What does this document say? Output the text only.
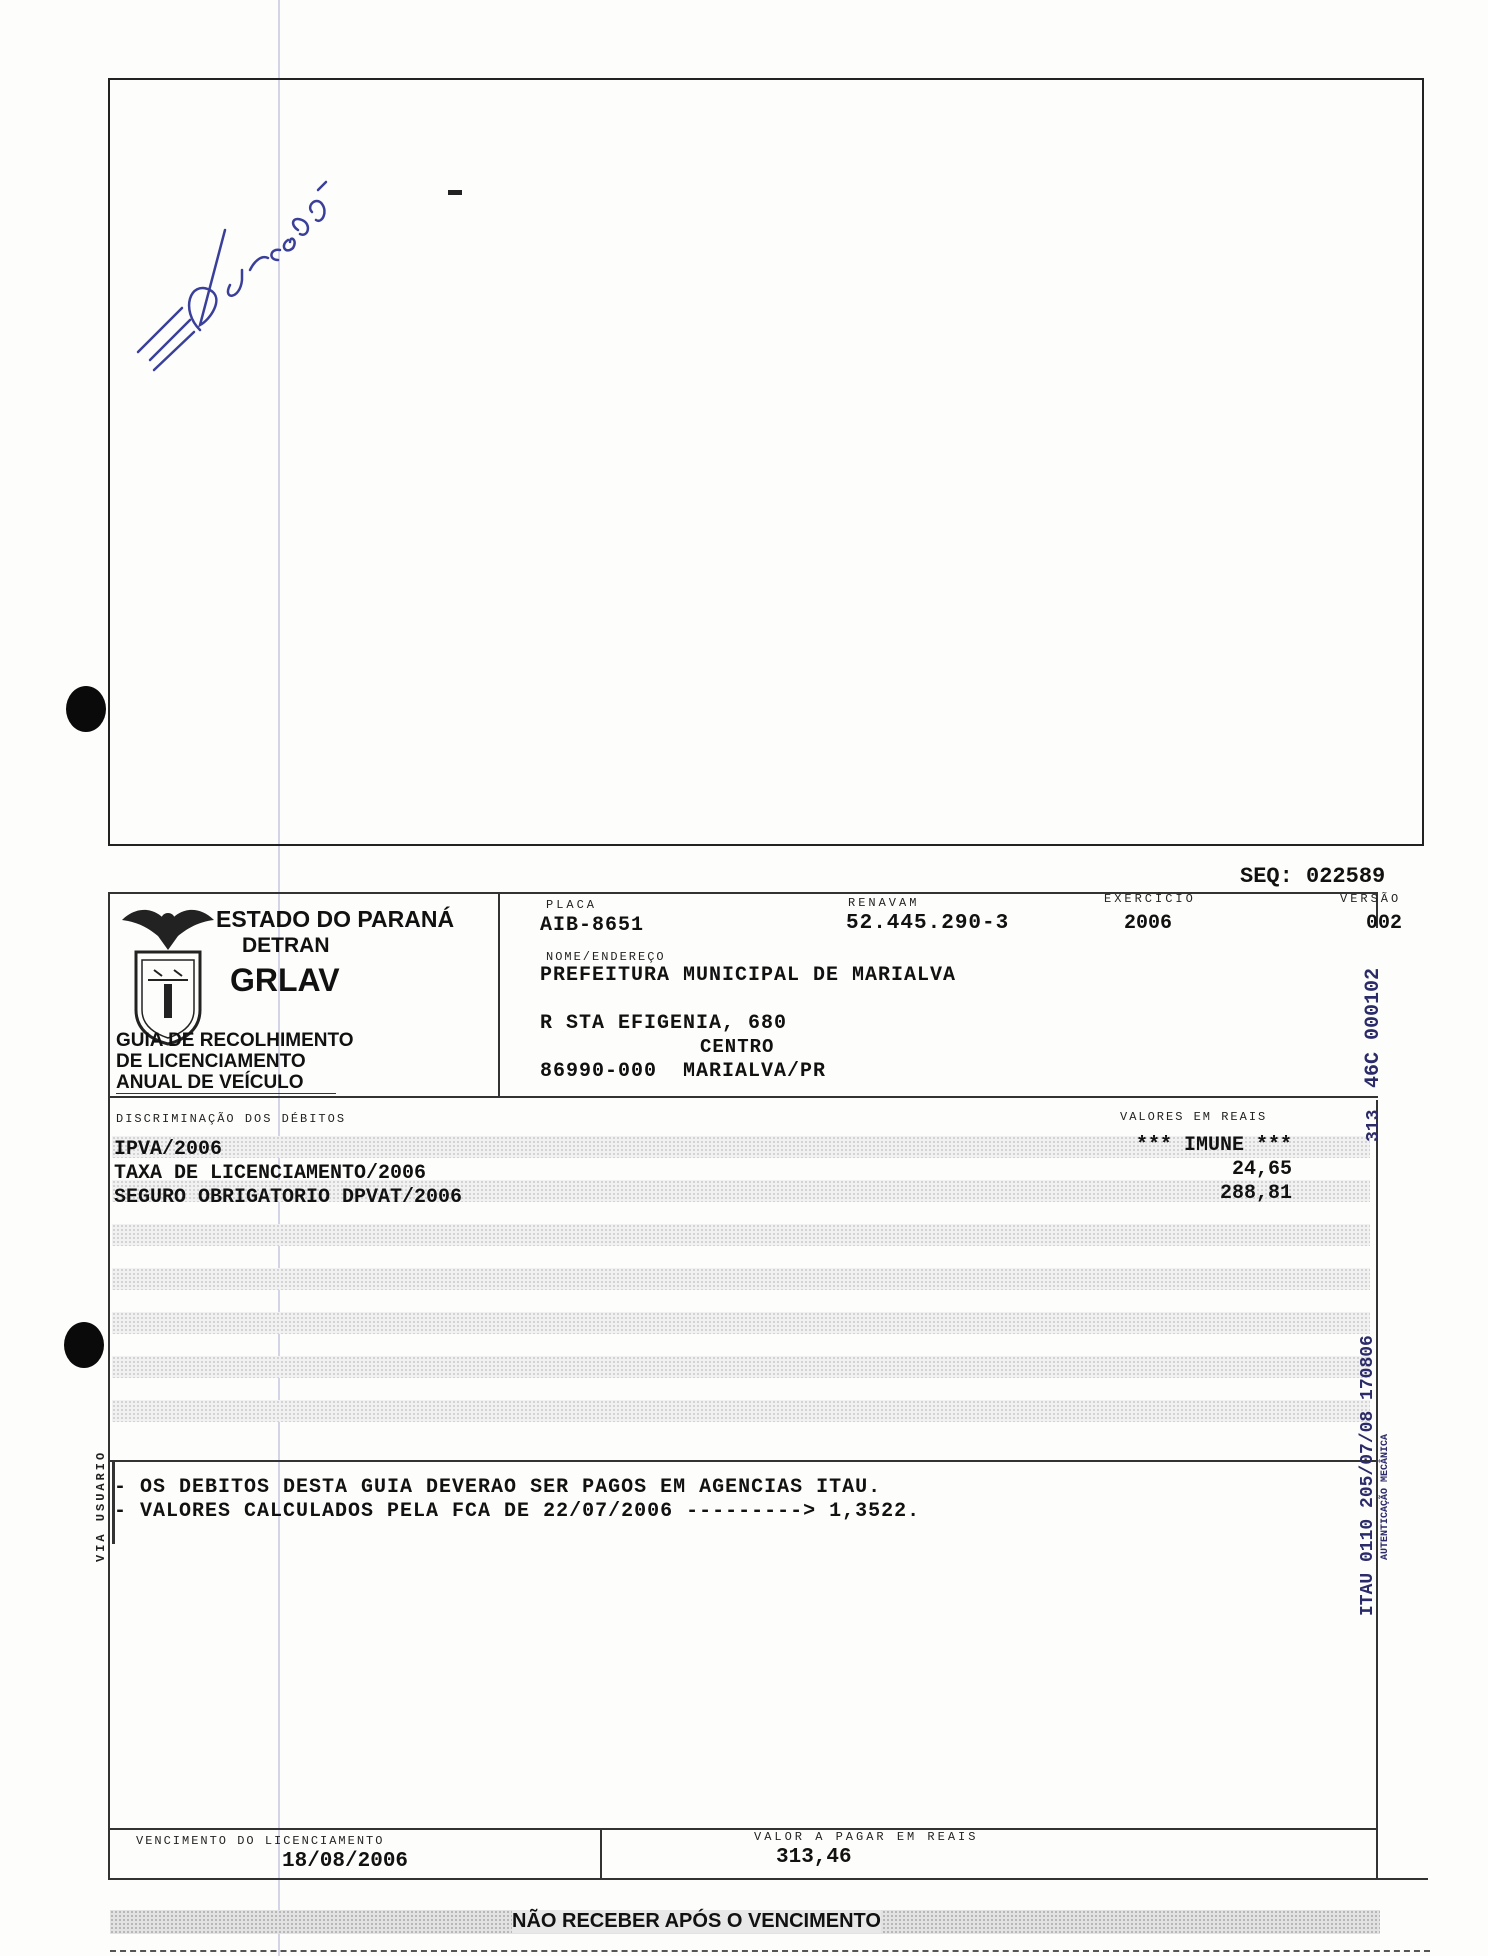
SEQ: 022589
ESTADO DO PARANÁ
DETRAN
GRLAV
GUIA DE RECOLHIMENTO
DE LICENCIAMENTO
ANUAL DE VEÍCULO
PLACA
AIB-8651
RENAVAM
52.445.290-3
EXERCÍCIO
2006
VERSÃO
002
NOME/ENDEREÇO
PREFEITURA MUNICIPAL DE MARIALVA
R STA EFIGENIA, 680
CENTRO
86990-000  MARIALVA/PR
DISCRIMINAÇÃO DOS DÉBITOS	VALORES EM REAIS
IPVA/2006	*** IMUNE ***
TAXA DE LICENCIAMENTO/2006	24,65
SEGURO OBRIGATORIO DPVAT/2006	288,81
VIA USUARIO - OS DEBITOS DESTA GUIA DEVERAO SER PAGOS EM AGENCIAS ITAU.
- VALORES CALCULADOS PELA FCA DE 22/07/2006 ---------> 1,3522.
46C 000102
313
ITAU 0110 205/07/08 170806 AUTENTICAÇÃO MECÂNICA
VENCIMENTO DO LICENCIAMENTO
18/08/2006
VALOR A PAGAR EM REAIS
313,46
NÃO RECEBER APÓS O VENCIMENTO
